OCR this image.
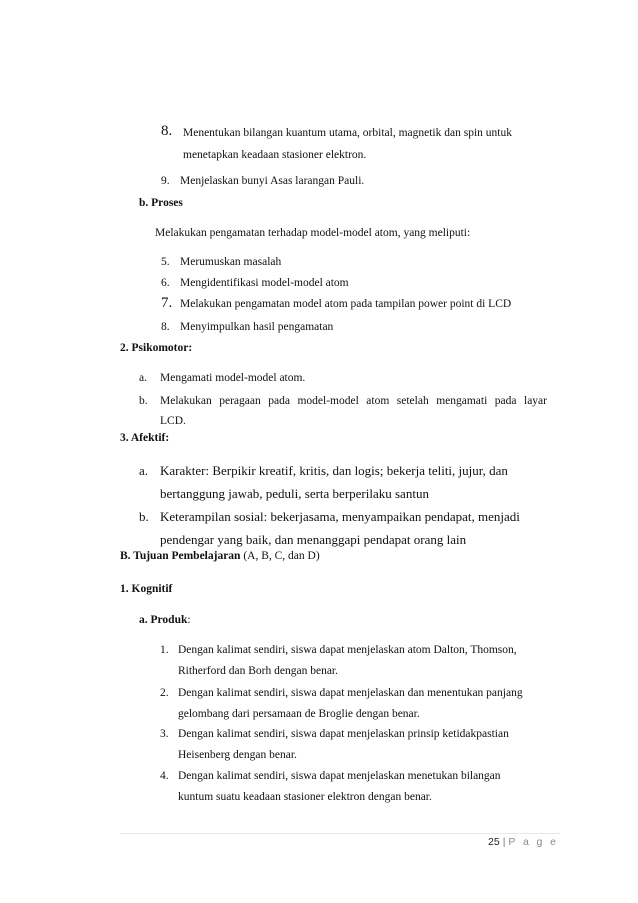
8. Menentukan bilangan kuantum utama, orbital, magnetik dan spin untuk
menetapkan keadaan stasioner elektron.
9. Menjelaskan bunyi Asas larangan Pauli.
b. Proses
Melakukan pengamatan terhadap model-model atom, yang meliputi:
5. Merumuskan masalah
6. Mengidentifikasi model-model atom
7. Melakukan pengamatan model atom pada tampilan power point di LCD
8. Menyimpulkan hasil pengamatan
2. Psikomotor:
a. Mengamati model-model atom.
b. Melakukan peragaan pada model-model atom setelah mengamati pada layar
LCD.
3. Afektif:
a. Karakter: Berpikir kreatif, kritis, dan logis; bekerja teliti, jujur, dan
bertanggung jawab, peduli, serta berperilaku santun
b. Keterampilan sosial: bekerjasama, menyampaikan pendapat, menjadi
pendengar yang baik, dan menanggapi pendapat orang lain
B. Tujuan Pembelajaran (A, B, C, dan D)
1. Kognitif
a. Produk:
1. Dengan kalimat sendiri, siswa dapat menjelaskan atom Dalton, Thomson,
Ritherford dan Borh dengan benar.
2. Dengan kalimat sendiri, siswa dapat menjelaskan dan menentukan panjang
gelombang dari persamaan de Broglie dengan benar.
3. Dengan kalimat sendiri, siswa dapat menjelaskan prinsip ketidakpastian
Heisenberg dengan benar.
4. Dengan kalimat sendiri, siswa dapat menjelaskan menetukan bilangan
kuntum suatu keadaan stasioner elektron dengan benar.
25 | P a g e
